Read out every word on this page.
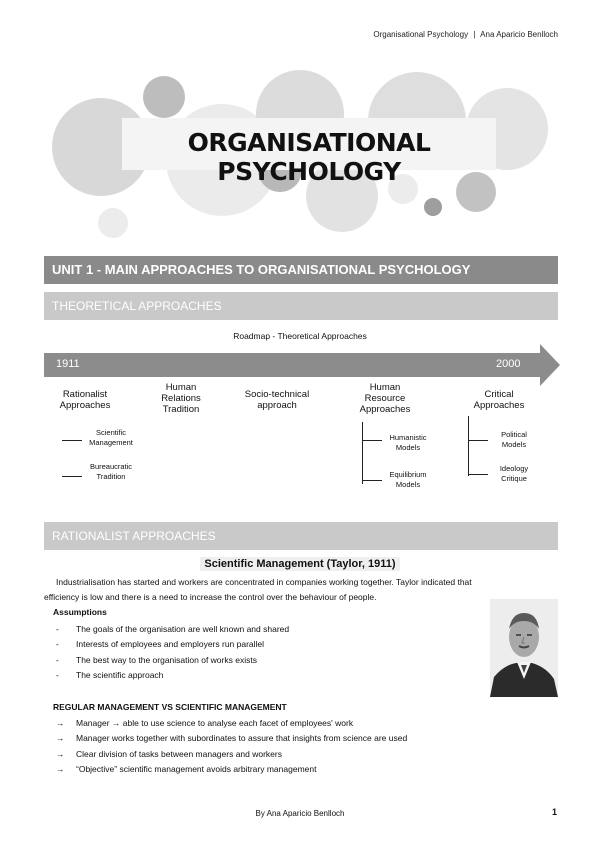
Organisational Psychology | Ana Aparicio Benlloch
ORGANISATIONAL PSYCHOLOGY
UNIT 1 - MAIN APPROACHES TO ORGANISATIONAL PSYCHOLOGY
THEORETICAL APPROACHES
Roadmap - Theoretical Approaches
1911	2000
Rationalist
Approaches
Scientific
Management
Bureaucratic
Tradition
Human
Relations
Tradition
Socio-technical
approach
Human
Resource
Approaches
Humanistic
Models
Equilibrium
Models
Critical
Approaches
Political
Models
Ideology
Critique
RATIONALIST APPROACHES
Scientific Management (Taylor, 1911)
Industrialisation has started and workers are concentrated in companies working together. Taylor indicated that
efficiency is low and there is a need to increase the control over the behaviour of people.
Assumptions
- The goals of the organisation are well known and shared
- Interests of employees and employers run parallel
- The best way to the organisation of works exists
- The scientific approach
REGULAR MANAGEMENT VS SCIENTIFIC MANAGEMENT
→ Manager → able to use science to analyse each facet of employees' work
→ Manager works together with subordinates to assure that insights from science are used
→ Clear division of tasks between managers and workers
→ “Objective” scientific management avoids arbitrary management
By Ana Aparicio Benlloch	1
